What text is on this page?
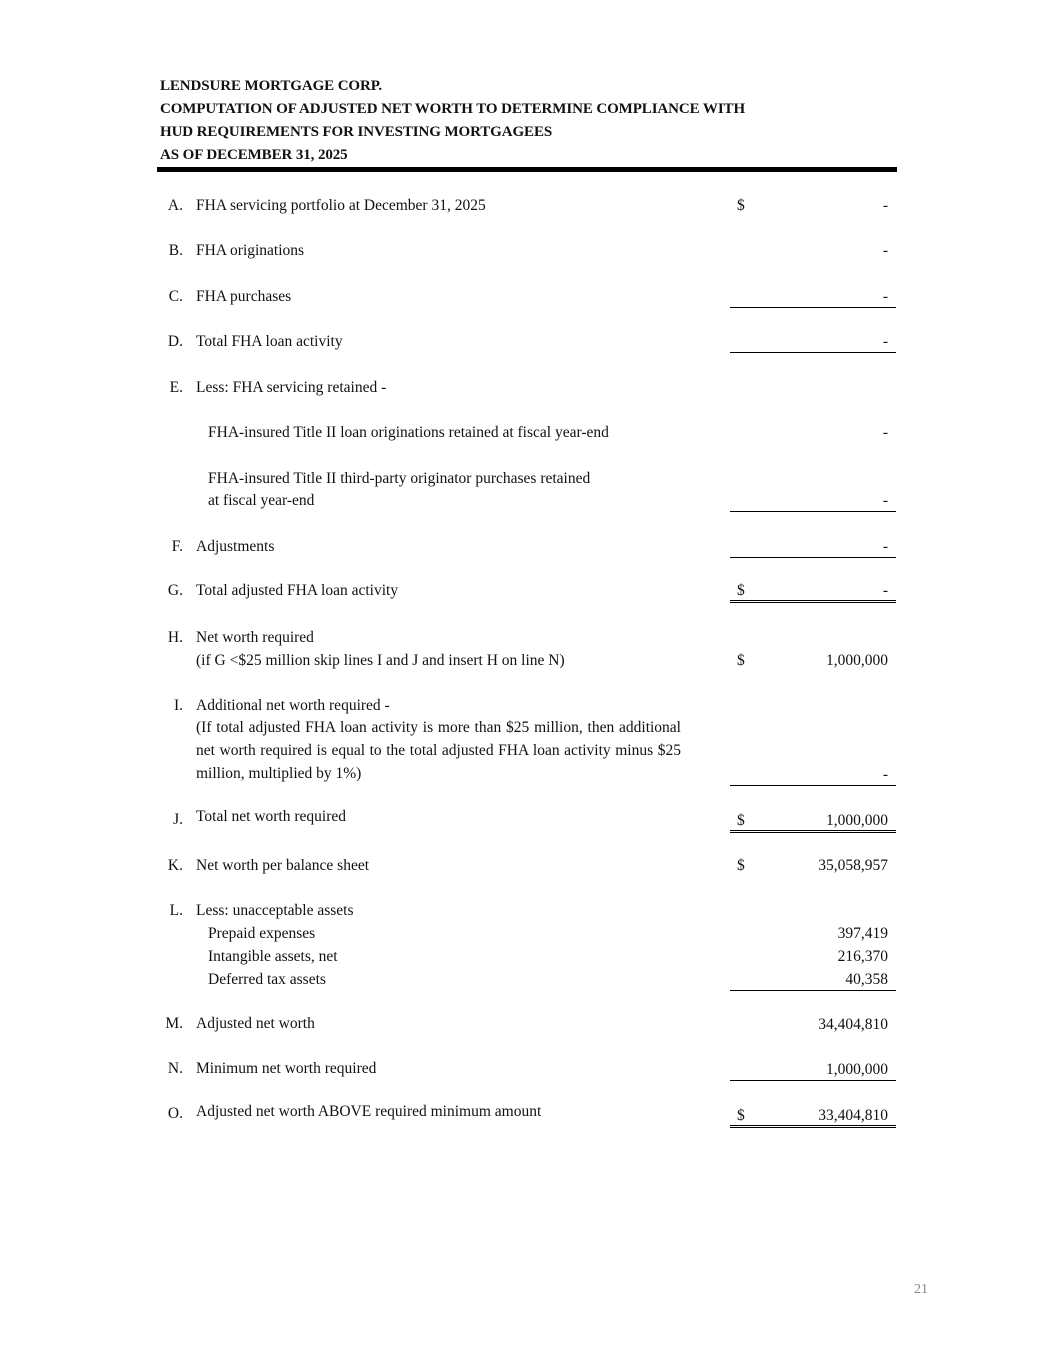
LENDSURE MORTGAGE CORP.
COMPUTATION OF ADJUSTED NET WORTH TO DETERMINE COMPLIANCE WITH
HUD REQUIREMENTS FOR INVESTING MORTGAGEES
AS OF DECEMBER 31, 2025
A. FHA servicing portfolio at December 31, 2025	$	-
B. FHA originations	-
C. FHA purchases	-
D. Total FHA loan activity	-
E. Less: FHA servicing retained -
FHA-insured Title II loan originations retained at fiscal year-end	-
FHA-insured Title II third-party originator purchases retained
at fiscal year-end	-
F. Adjustments	-
G. Total adjusted FHA loan activity	$	-
H. Net worth required
(if G <$25 million skip lines I and J and insert H on line N)	$	1,000,000
I. Additional net worth required -
(If total adjusted FHA loan activity is more than $25 million, then additional net worth required is equal to the total adjusted FHA loan activity minus $25 million, multiplied by 1%)	-
J. Total net worth required	$	1,000,000
K. Net worth per balance sheet	$	35,058,957
L. Less: unacceptable assets
Prepaid expenses	397,419
Intangible assets, net	216,370
Deferred tax assets	40,358
M. Adjusted net worth	34,404,810
N. Minimum net worth required	1,000,000
O. Adjusted net worth ABOVE required minimum amount	$	33,404,810
21
